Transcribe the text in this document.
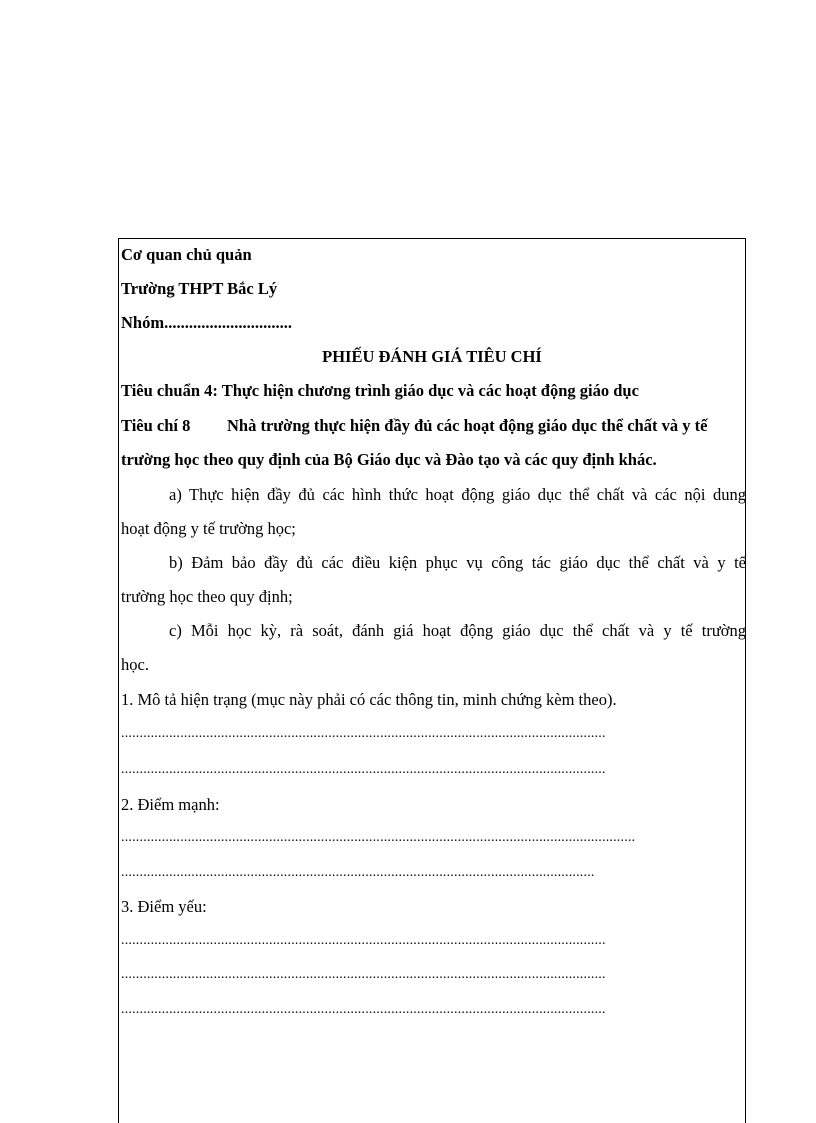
Cơ quan chủ quản
Trường THPT Bắc Lý
Nhóm...............................
PHIẾU ĐÁNH GIÁ TIÊU CHÍ
Tiêu chuẩn 4: Thực hiện chương trình giáo dục và các hoạt động giáo dục
Tiêu chí 8 Nhà trường thực hiện đầy đủ các hoạt động giáo dục thể chất và y tế
trường học theo quy định của Bộ Giáo dục và Đào tạo và các quy định khác.
a) Thực hiện đầy đủ các hình thức hoạt động giáo dục thể chất và các nội dung
hoạt động y tế trường học;
b) Đảm bảo đầy đủ các điều kiện phục vụ công tác giáo dục thể chất và y tế
trường học theo quy định;
c) Mỗi học kỳ, rà soát, đánh giá hoạt động giáo dục thể chất và y tế trường
học.
1. Mô tả hiện trạng (mục này phải có các thông tin, minh chứng kèm theo).
...................................................................................................................................
...................................................................................................................................
2. Điểm mạnh:
...........................................................................................................................................
................................................................................................................................
3. Điểm yếu:
...................................................................................................................................
...................................................................................................................................
...................................................................................................................................
